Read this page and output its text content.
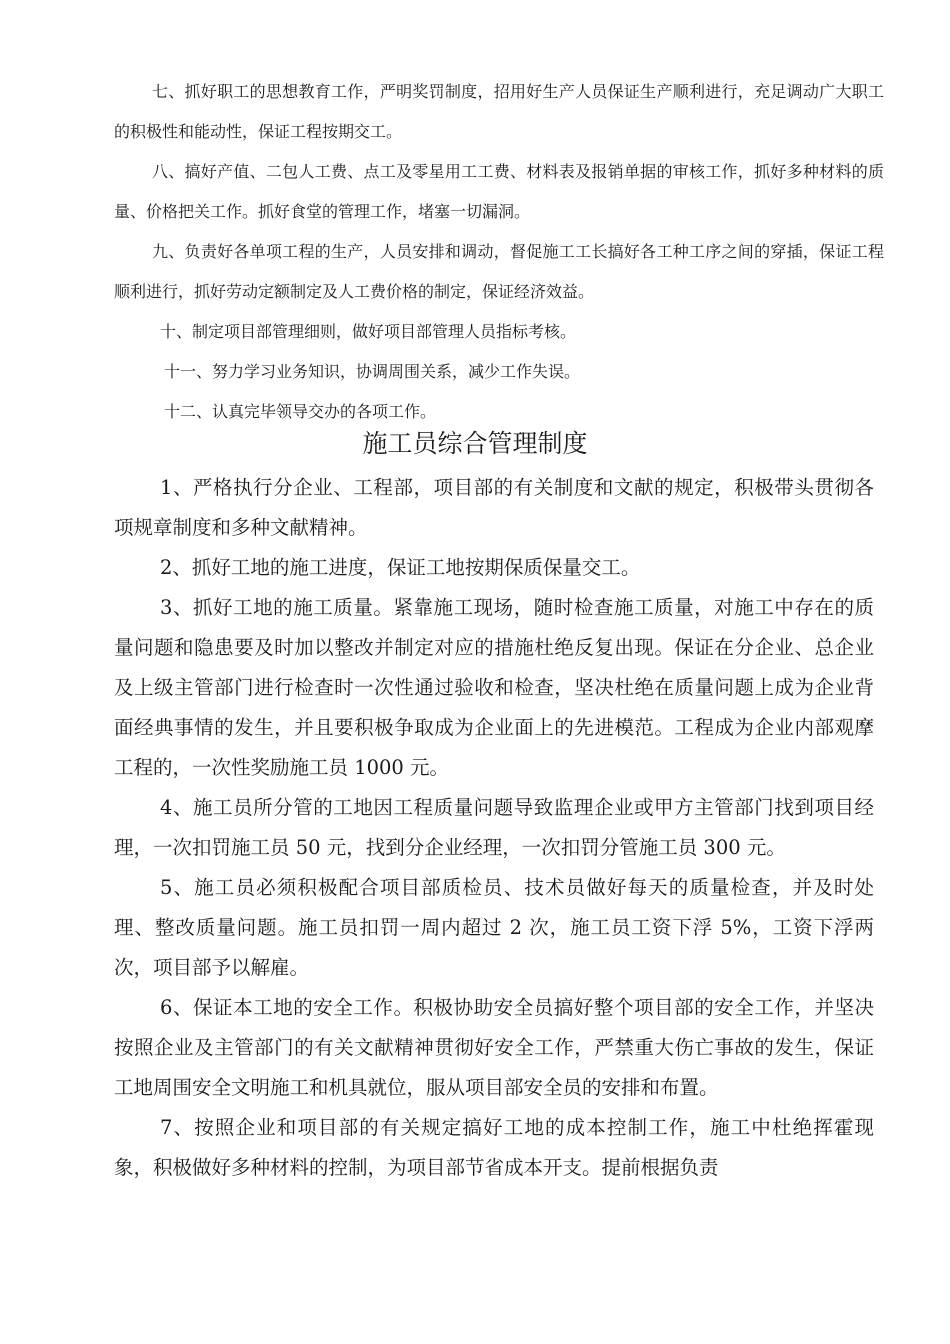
七、抓好职工的思想教育工作，严明奖罚制度，招用好生产人员保证生产顺利进行，充足调动广大职工的积极性和能动性，保证工程按期交工。

八、搞好产值、二包人工费、点工及零星用工工费、材料表及报销单据的审核工作，抓好多种材料的质量、价格把关工作。抓好食堂的管理工作，堵塞一切漏洞。

九、负责好各单项工程的生产，人员安排和调动，督促施工工长搞好各工种工序之间的穿插，保证工程顺利进行，抓好劳动定额制定及人工费价格的制定，保证经济效益。

十、制定项目部管理细则，做好项目部管理人员指标考核。

十一、努力学习业务知识，协调周围关系，减少工作失误。

十二、认真完毕领导交办的各项工作。

施工员综合管理制度

1、严格执行分企业、工程部，项目部的有关制度和文献的规定，积极带头贯彻各项规章制度和多种文献精神。

2、抓好工地的施工进度，保证工地按期保质保量交工。

3、抓好工地的施工质量。紧靠施工现场，随时检查施工质量，对施工中存在的质量问题和隐患要及时加以整改并制定对应的措施杜绝反复出现。保证在分企业、总企业及上级主管部门进行检查时一次性通过验收和检查，坚决杜绝在质量问题上成为企业背面经典事情的发生，并且要积极争取成为企业面上的先进模范。工程成为企业内部观摩工程的，一次性奖励施工员 1000 元。

4、施工员所分管的工地因工程质量问题导致监理企业或甲方主管部门找到项目经理，一次扣罚施工员 50 元，找到分企业经理，一次扣罚分管施工员 300 元。

5、施工员必须积极配合项目部质检员、技术员做好每天的质量检查，并及时处理、整改质量问题。施工员扣罚一周内超过 2 次，施工员工资下浮 5%，工资下浮两次，项目部予以解雇。

6、保证本工地的安全工作。积极协助安全员搞好整个项目部的安全工作，并坚决按照企业及主管部门的有关文献精神贯彻好安全工作，严禁重大伤亡事故的发生，保证工地周围安全文明施工和机具就位，服从项目部安全员的安排和布置。

7、按照企业和项目部的有关规定搞好工地的成本控制工作，施工中杜绝挥霍现象，积极做好多种材料的控制，为项目部节省成本开支。提前根据负责
